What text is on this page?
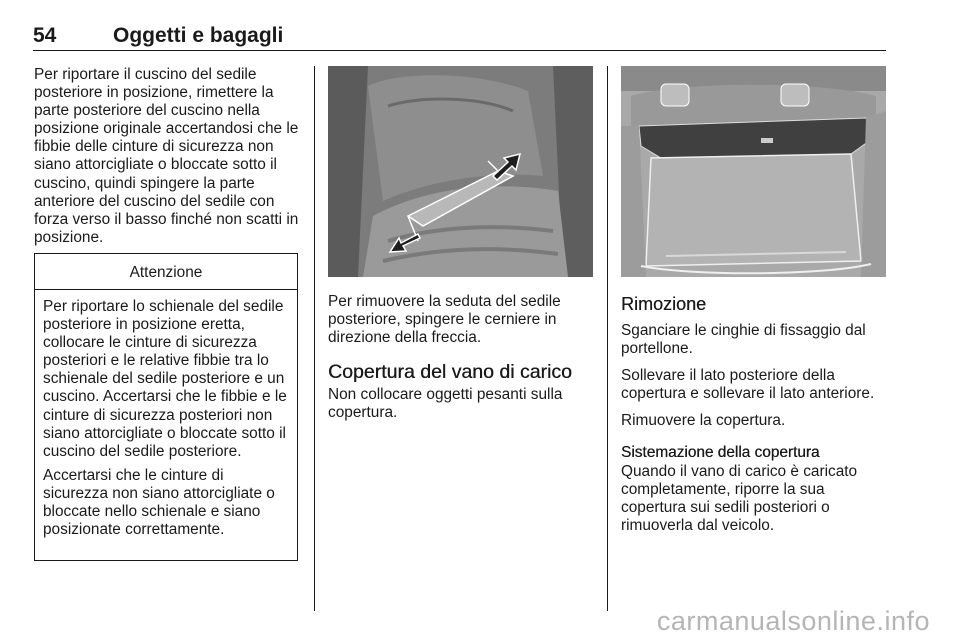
54	Oggetti e bagagli

Per riportare il cuscino del sedile posteriore in posizione, rimettere la parte posteriore del cuscino nella posizione originale accertandosi che le fibbie delle cinture di sicurezza non siano attorcigliate o bloccate sotto il cuscino, quindi spingere la parte anteriore del cuscino del sedile con forza verso il basso finché non scatti in posizione.

Attenzione

Per riportare lo schienale del sedile posteriore in posizione eretta, collocare le cinture di sicurezza posteriori e le relative fibbie tra lo schienale del sedile posteriore e un cuscino. Accertarsi che le fibbie e le cinture di sicurezza posteriori non siano attorcigliate o bloccate sotto il cuscino del sedile posteriore.

Accertarsi che le cinture di sicurezza non siano attorcigliate o bloccate nello schienale e siano posizionate correttamente.

Per rimuovere la seduta del sedile posteriore, spingere le cerniere in direzione della freccia.

Copertura del vano di carico

Non collocare oggetti pesanti sulla copertura.

Rimozione

Sganciare le cinghie di fissaggio dal portellone.

Sollevare il lato posteriore della copertura e sollevare il lato anteriore.

Rimuovere la copertura.

Sistemazione della copertura

Quando il vano di carico è caricato completamente, riporre la sua copertura sui sedili posteriori o rimuoverla dal veicolo.

carmanualsonline.info
